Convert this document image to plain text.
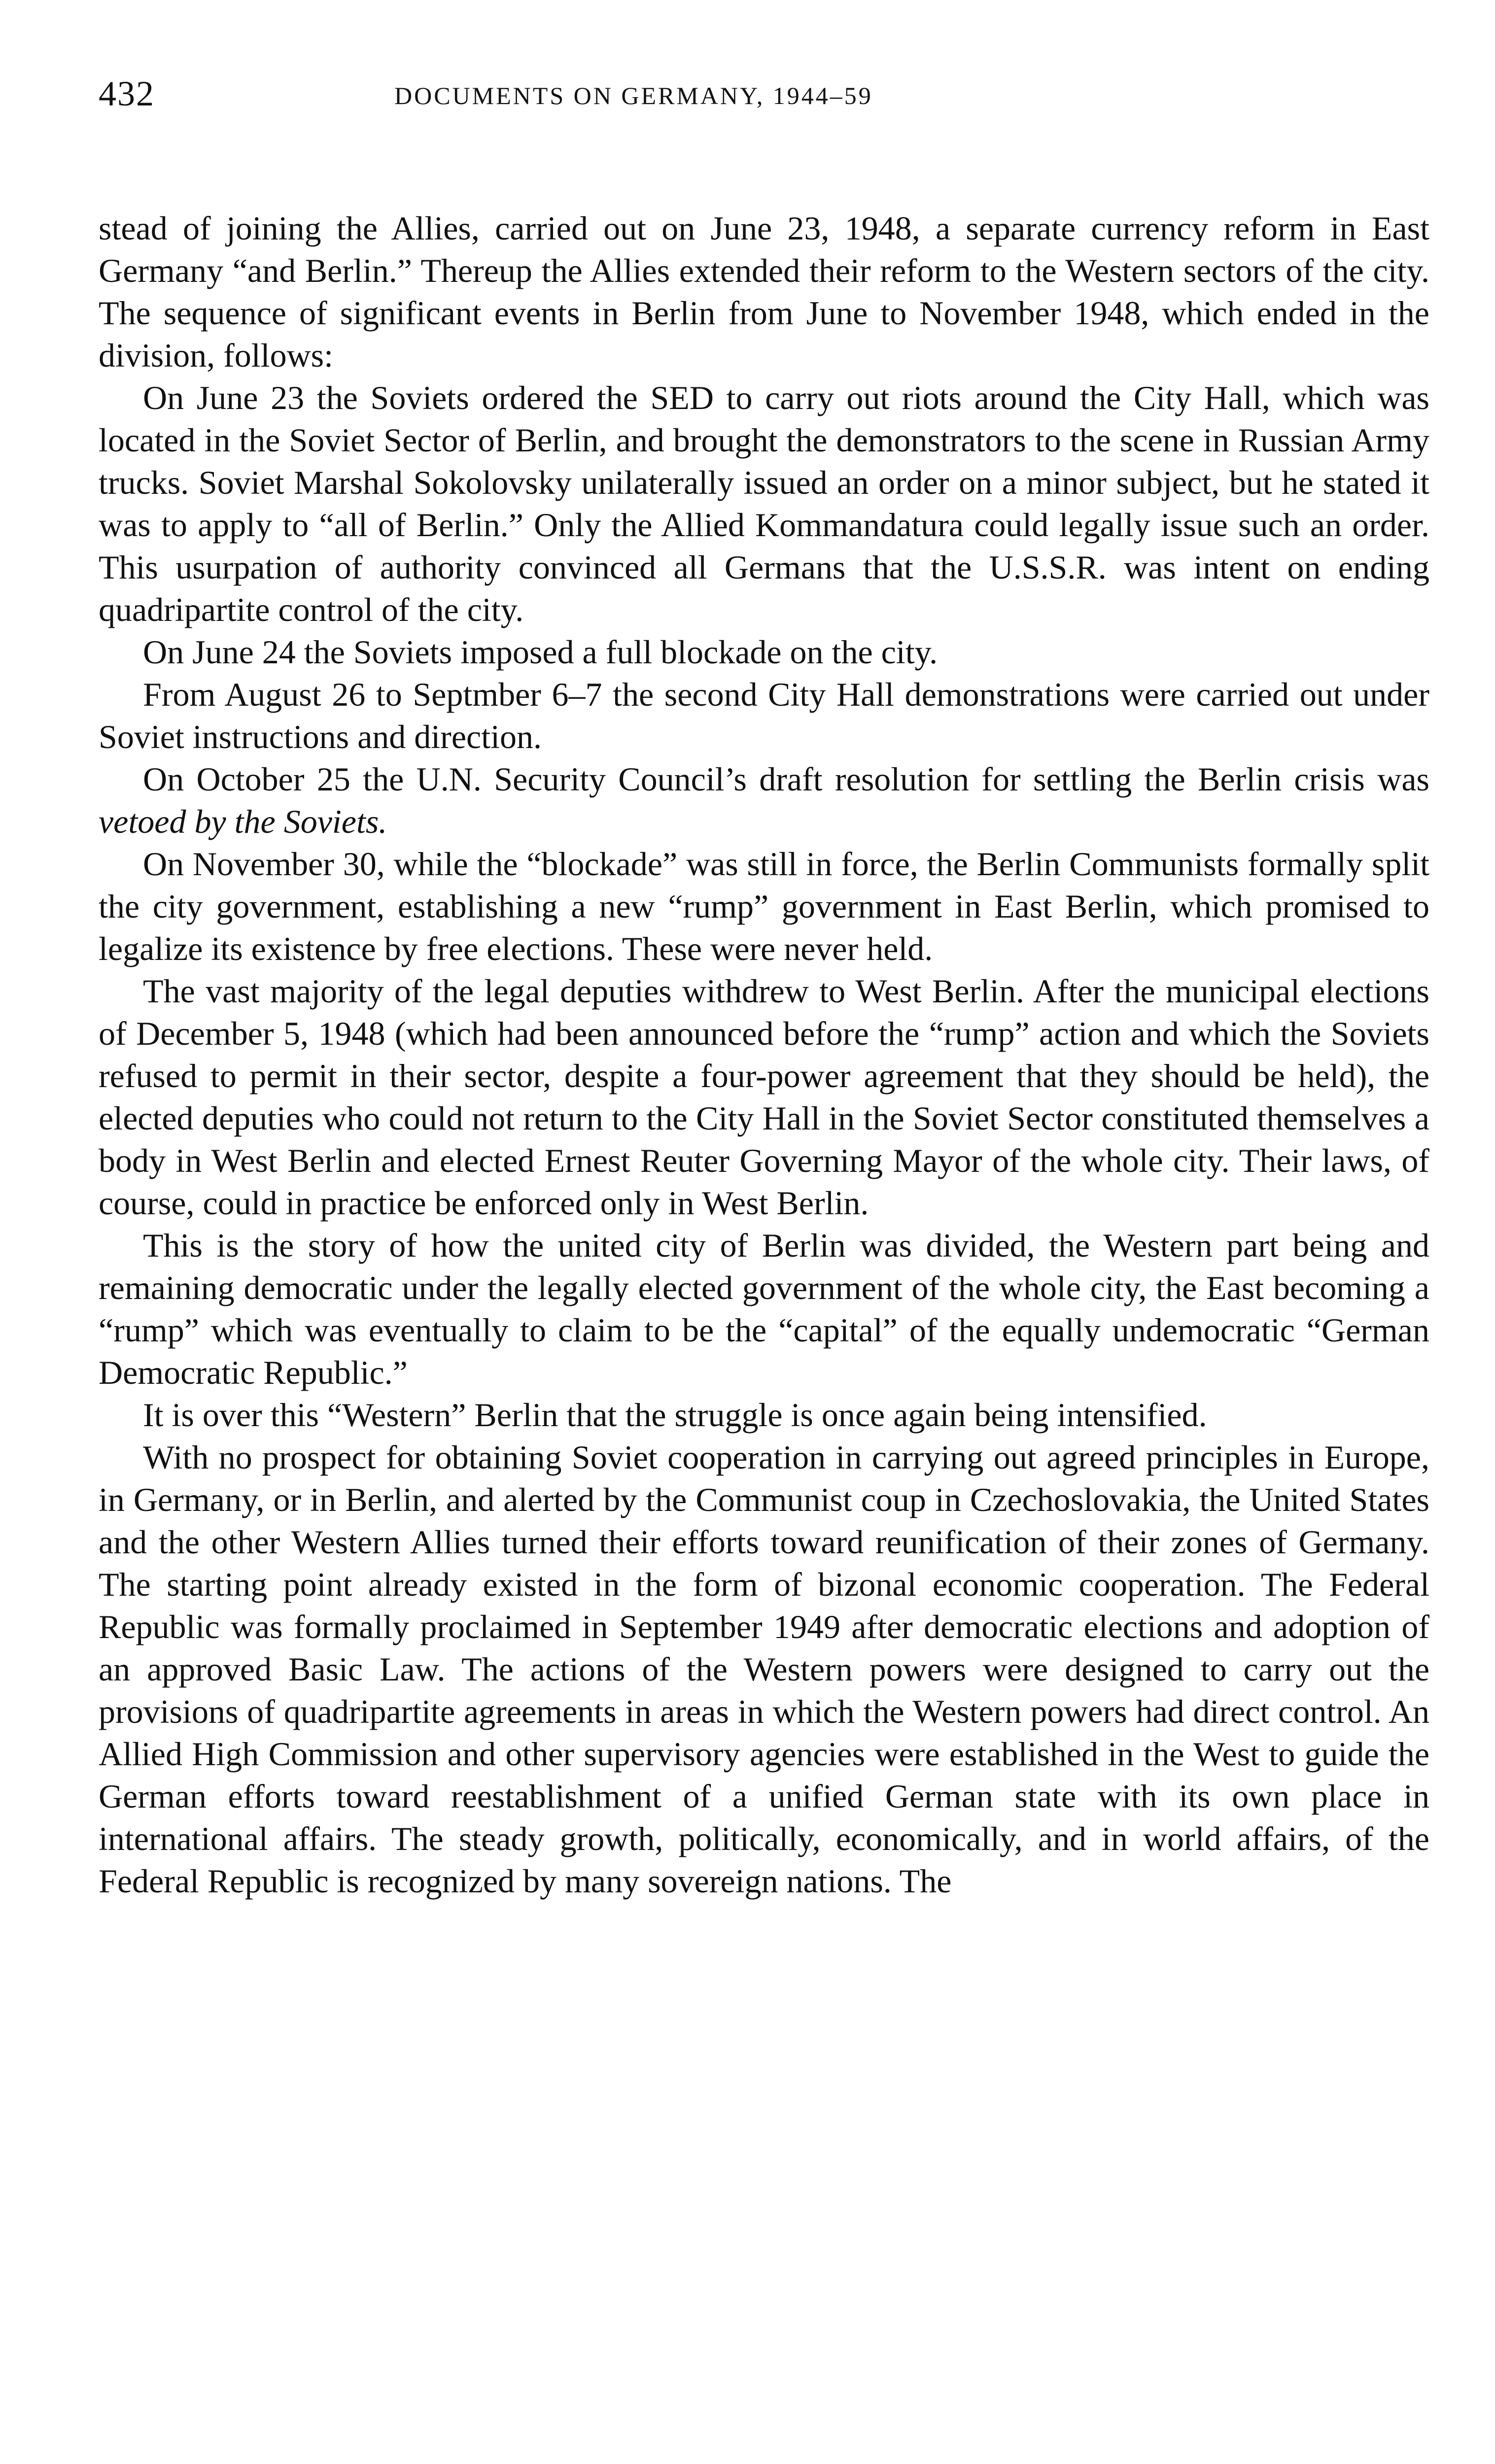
432	DOCUMENTS ON GERMANY, 1944–59

stead of joining the Allies, carried out on June 23, 1948, a separate currency reform in East Germany “and Berlin.” Thereup the Allies extended their reform to the Western sectors of the city. The sequence of significant events in Berlin from June to November 1948, which ended in the division, follows:

On June 23 the Soviets ordered the SED to carry out riots around the City Hall, which was located in the Soviet Sector of Berlin, and brought the demonstrators to the scene in Russian Army trucks. Soviet Marshal Sokolovsky unilaterally issued an order on a minor subject, but he stated it was to apply to “all of Berlin.” Only the Allied Kommandatura could legally issue such an order. This usurpation of authority convinced all Germans that the U.S.S.R. was intent on ending quadripartite control of the city.

On June 24 the Soviets imposed a full blockade on the city.

From August 26 to Septmber 6–7 the second City Hall demonstrations were carried out under Soviet instructions and direction.

On October 25 the U.N. Security Council’s draft resolution for settling the Berlin crisis was vetoed by the Soviets.

On November 30, while the “blockade” was still in force, the Berlin Communists formally split the city government, establishing a new “rump” government in East Berlin, which promised to legalize its existence by free elections. These were never held.

The vast majority of the legal deputies withdrew to West Berlin. After the municipal elections of December 5, 1948 (which had been announced before the “rump” action and which the Soviets refused to permit in their sector, despite a four-power agreement that they should be held), the elected deputies who could not return to the City Hall in the Soviet Sector constituted themselves a body in West Berlin and elected Ernest Reuter Governing Mayor of the whole city. Their laws, of course, could in practice be enforced only in West Berlin.

This is the story of how the united city of Berlin was divided, the Western part being and remaining democratic under the legally elected government of the whole city, the East becoming a “rump” which was eventually to claim to be the “capital” of the equally undemocratic “German Democratic Republic.”

It is over this “Western” Berlin that the struggle is once again being intensified.

With no prospect for obtaining Soviet cooperation in carrying out agreed principles in Europe, in Germany, or in Berlin, and alerted by the Communist coup in Czechoslovakia, the United States and the other Western Allies turned their efforts toward reunification of their zones of Germany. The starting point already existed in the form of bizonal economic cooperation. The Federal Republic was formally proclaimed in September 1949 after democratic elections and adoption of an approved Basic Law. The actions of the Western powers were designed to carry out the provisions of quadripartite agreements in areas in which the Western powers had direct control. An Allied High Commission and other supervisory agencies were established in the West to guide the German efforts toward reestablishment of a unified German state with its own place in international affairs. The steady growth, politically, economically, and in world affairs, of the Federal Republic is recognized by many sovereign nations. The
